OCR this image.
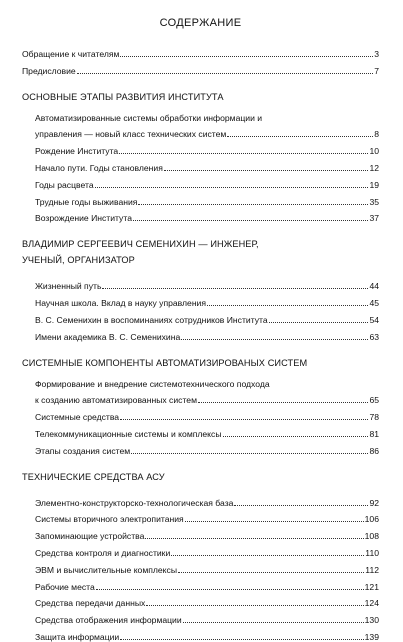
СОДЕРЖАНИЕ
Обращение к читателям	3
Предисловие	7
ОСНОВНЫЕ ЭТАПЫ РАЗВИТИЯ ИНСТИТУТА
Автоматизированные системы обработки информации и
управления — новый класс технических систем	8
Рождение Института	10
Начало пути. Годы становления	12
Годы расцвета	19
Трудные годы выживания	35
Возрождение Института	37
ВЛАДИМИР СЕРГЕЕВИЧ СЕМЕНИХИН — ИНЖЕНЕР,
УЧЕНЫЙ, ОРГАНИЗАТОР
Жизненный путь	44
Научная школа. Вклад в науку управления	45
В. С. Семенихин в воспоминаниях сотрудников Института	54
Имени академика В. С. Семенихина	63
СИСТЕМНЫЕ КОМПОНЕНТЫ АВТОМАТИЗИРОВАНЫХ СИСТЕМ
Формирование и внедрение системотехнического подхода
к созданию автоматизированных систем	65
Системные средства	78
Телекоммуникационные системы и комплексы	81
Этапы создания систем	86
ТЕХНИЧЕСКИЕ СРЕДСТВА АСУ
Элементно-конструкторско-технологическая база	92
Системы вторичного электропитания	106
Запоминающие устройства	108
Средства контроля и диагностики	110
ЭВМ и вычислительные комплексы	112
Рабочие места	121
Средства передачи данных	124
Средства отображения информации	130
Защита информации	139
